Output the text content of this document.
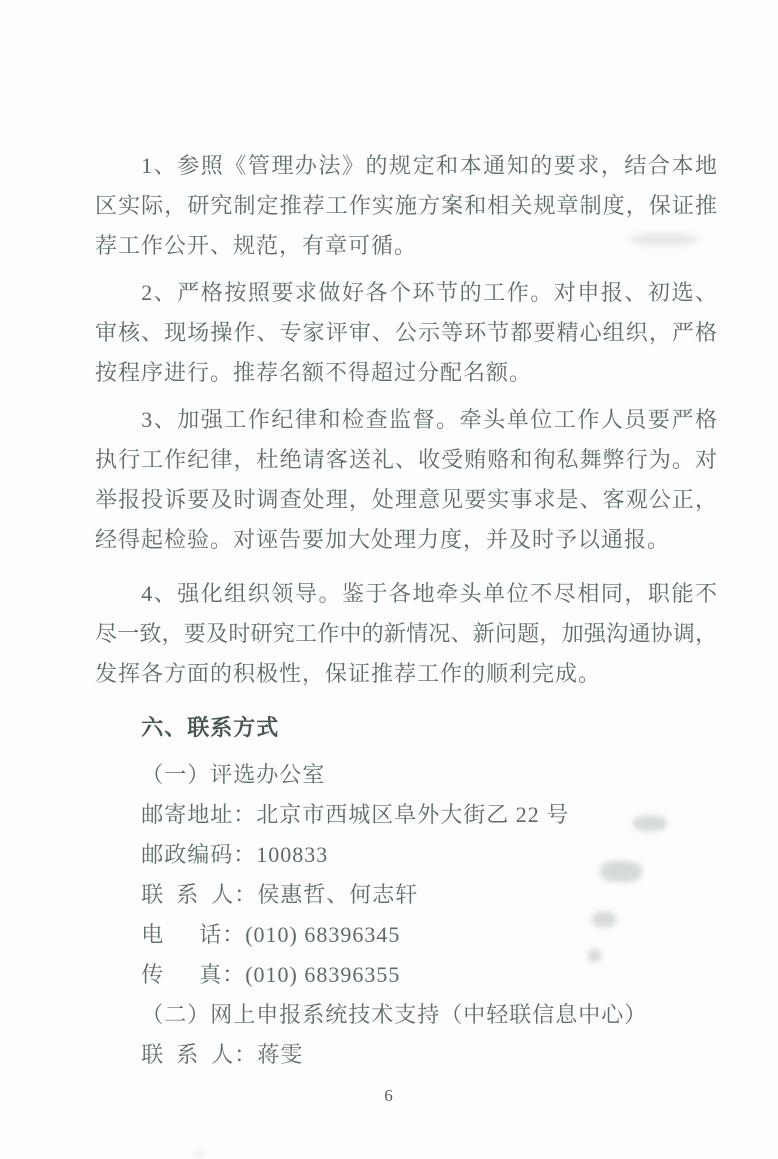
1、参照《管理办法》的规定和本通知的要求，结合本地
区实际，研究制定推荐工作实施方案和相关规章制度，保证推
荐工作公开、规范，有章可循。
2、严格按照要求做好各个环节的工作。对申报、初选、
审核、现场操作、专家评审、公示等环节都要精心组织，严格
按程序进行。推荐名额不得超过分配名额。
3、加强工作纪律和检查监督。牵头单位工作人员要严格
执行工作纪律，杜绝请客送礼、收受贿赂和徇私舞弊行为。对
举报投诉要及时调查处理，处理意见要实事求是、客观公正，
经得起检验。对诬告要加大处理力度，并及时予以通报。
4、强化组织领导。鉴于各地牵头单位不尽相同，职能不
尽一致，要及时研究工作中的新情况、新问题，加强沟通协调，
发挥各方面的积极性，保证推荐工作的顺利完成。
六、联系方式
（一）评选办公室
邮寄地址：北京市西城区阜外大街乙 22 号
邮政编码：100833
联 系 人：侯惠哲、何志轩
电  话：(010) 68396345
传  真：(010) 68396355
（二）网上申报系统技术支持（中轻联信息中心）
联 系 人：蒋雯
6
